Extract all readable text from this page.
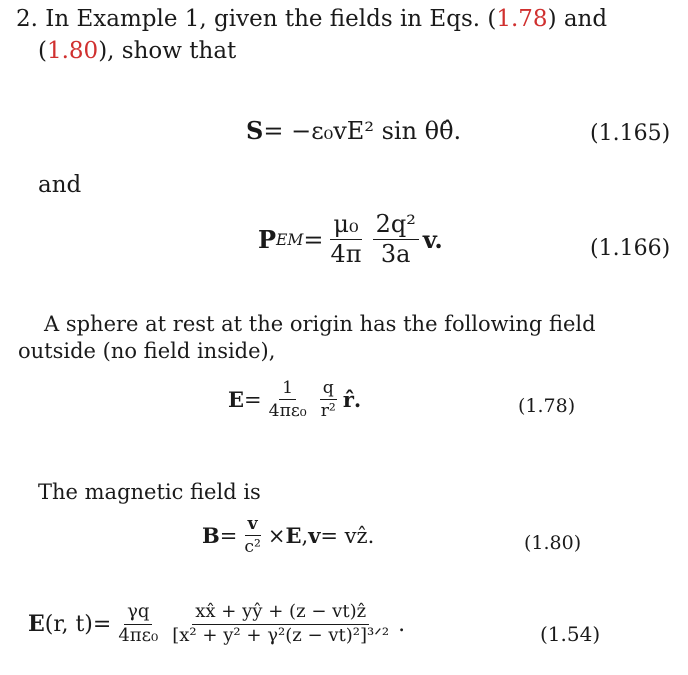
2. In Example 1, given the fields in Eqs. (1.78) and
(1.80), show that
S = −ε₀vE² sin θθ̂.	(1.165)
and
P EM = $\frac{\text{μ₀}}{4\pi} \frac{\text{2q²}}{3a} v$.	(1.166)
A sphere at rest at the origin has the following field
outside (no field inside),
$E = \frac{1}{\text{4πε₀}} \frac{q}{\text{r²}}$ r̂.	(1.78)
The magnetic field is
$B = \frac{v}{\text{c²}} \times E$ , v = vẑ.	(1.80)
E (r, $t) = \frac{\gamma q}{\text{4πε₀}} \frac{xx̂ + yŷ + (z - vt)ẑ}{\text{[x² + y² + γ²(z − vt)²]³ᐟ²}}$ .	(1.54)
